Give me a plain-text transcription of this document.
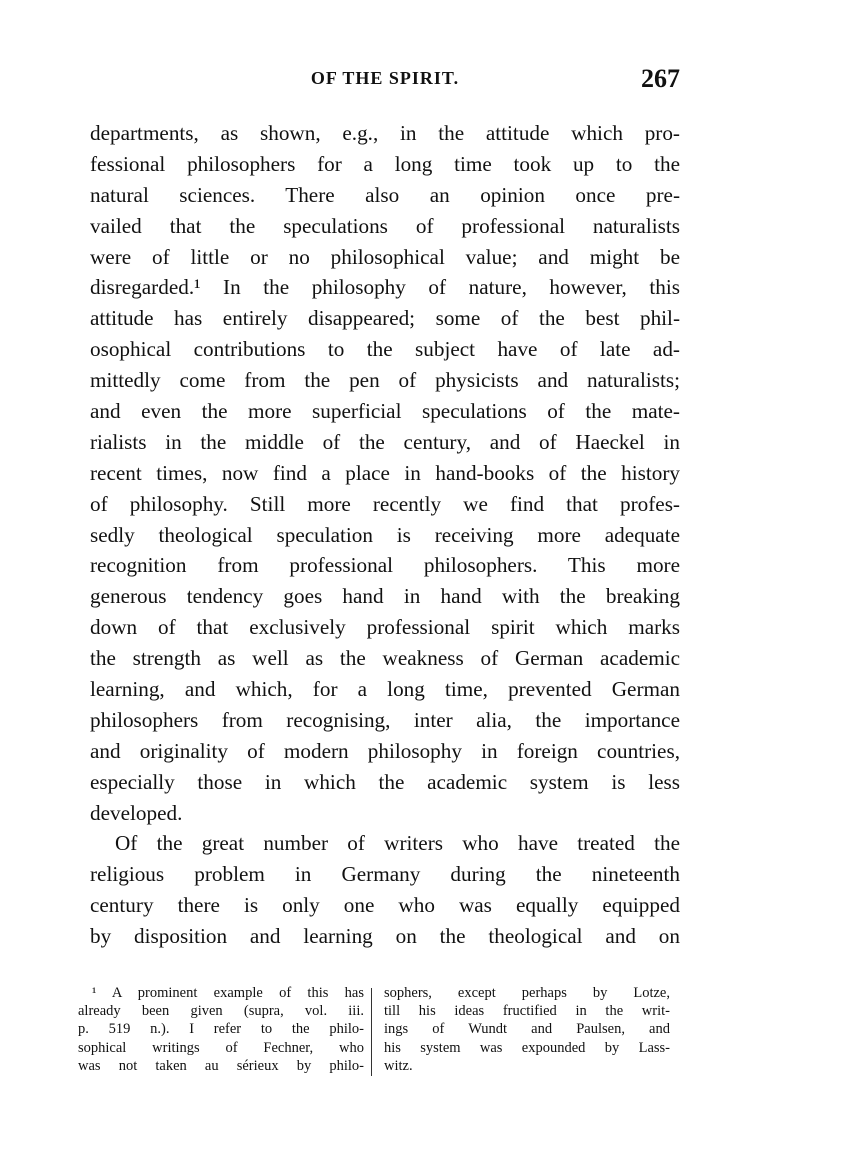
OF THE SPIRIT.	267
departments, as shown, e.g., in the attitude which pro-
fessional philosophers for a long time took up to the
natural sciences. There also an opinion once pre-
vailed that the speculations of professional naturalists
were of little or no philosophical value; and might be
disregarded.¹ In the philosophy of nature, however, this
attitude has entirely disappeared; some of the best phil-
osophical contributions to the subject have of late ad-
mittedly come from the pen of physicists and naturalists;
and even the more superficial speculations of the mate-
rialists in the middle of the century, and of Haeckel in
recent times, now find a place in hand-books of the history
of philosophy. Still more recently we find that profes-
sedly theological speculation is receiving more adequate
recognition from professional philosophers. This more
generous tendency goes hand in hand with the breaking
down of that exclusively professional spirit which marks
the strength as well as the weakness of German academic
learning, and which, for a long time, prevented German
philosophers from recognising, inter alia, the importance
and originality of modern philosophy in foreign countries,
especially those in which the academic system is less
developed.
Of the great number of writers who have treated the
religious problem in Germany during the nineteenth
century there is only one who was equally equipped
by disposition and learning on the theological and on
¹ A prominent example of this has
already been given (supra, vol. iii.
p. 519 n.). I refer to the philo-
sophical writings of Fechner, who
was not taken au sérieux by philo-
sophers, except perhaps by Lotze,
till his ideas fructified in the writ-
ings of Wundt and Paulsen, and
his system was expounded by Lass-
witz.
